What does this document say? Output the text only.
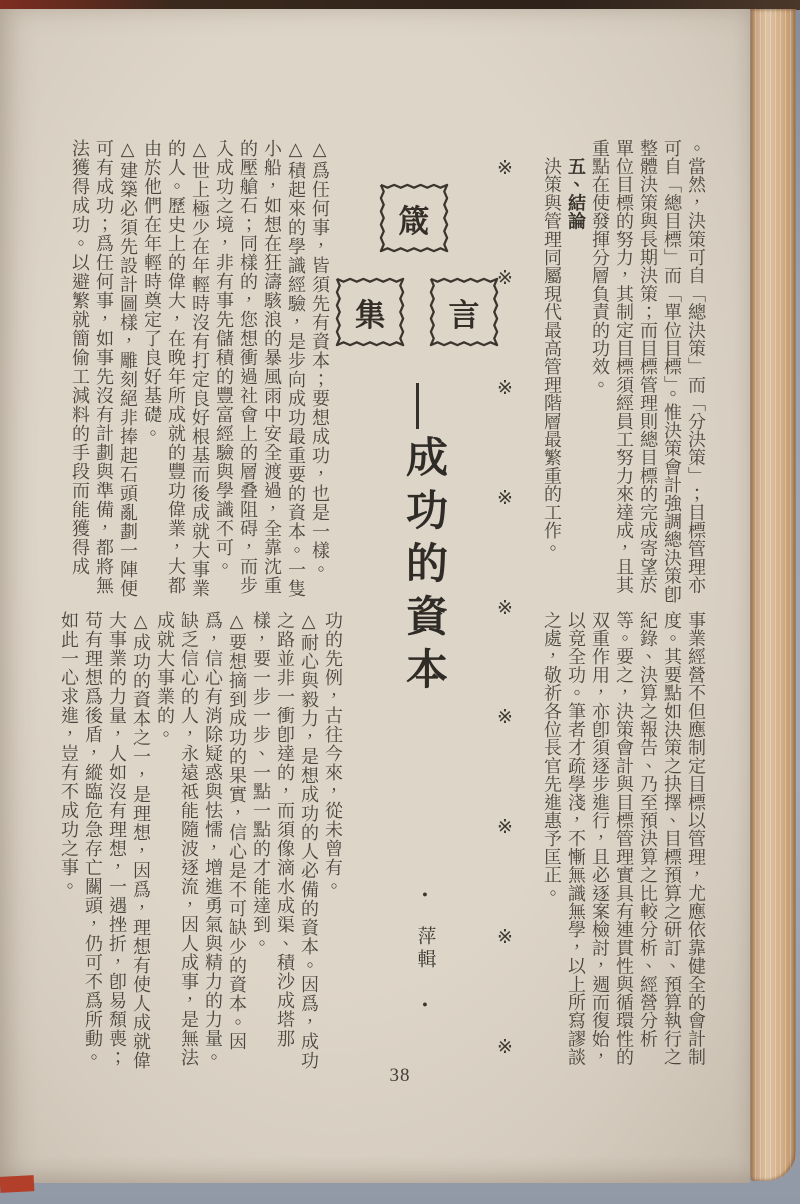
。當然，決策可自「總決策」而「分決策」；目標管理亦可自「總目標」而「單位目標」。惟決策會計強調總決策卽整體決策與長期決策；而目標管理則總目標的完成寄望於單位目標的努力，其制定目標須經員工努力來達成，且其重點在使發揮分層負責的功效。

　五、結論

　決策與管理同屬現代最高管理階層最繁重的工作。

事業經營不但應制定目標以管理，尤應依靠健全的會計制度。其要點如決策之抉擇、目標預算之研訂、預算執行之紀錄、決算之報告、乃至預決算之比較分析、經營分析等。要之，決策會計與目標管理實具有連貫性與循環性的双重作用，亦卽須逐步進行，且必逐案檢討，週而復始，以竟全功。筆者才疏學淺，不慚無識無學，以上所寫謬談之處，敬祈各位長官先進惠予匡正。

※
※
※
※
※
※
※
※
※
箴
言
集
成功的資本
●
萍輯
●

△爲任何事，皆須先有資本；要想成功，也是一樣。

△積起來的學識經驗，是步向成功最重要的資本。一隻小船，如想在狂濤駭浪的暴風雨中安全渡過，全靠沈重的壓艙石；同樣的，您想衝過社會上的層叠阻碍，而步入成功之境，非有事先儲積的豐富經驗與學識不可。

△世上極少在年輕時沒有打定良好根基而後成就大事業的人。歷史上的偉大，在晚年所成就的豐功偉業，大都由於他們在年輕時奠定了良好基礎。

△建築必須先設計圖樣，雕刻絕非捧起石頭亂劃一陣便可有成功；爲任何事，如事先沒有計劃與準備，都將無法獲得成功。以避繁就簡偷工減料的手段而能獲得成

功的先例，古往今來，從未曾有。

△耐心與毅力，是想成功的人必備的資本。因爲，成功之路並非一衝卽達的，而須像滴水成渠、積沙成塔那樣，要一步一步、一點一點的才能達到。

△要想摘到成功的果實，信心是不可缺少的資本。因爲，信心有消除疑惑與怯懦，增進勇氣與精力的力量。缺乏信心的人，永遠祗能隨波逐流，因人成事，是無法成就大事業的。

△成功的資本之一，是理想，因爲，理想有使人成就偉大事業的力量，人如沒有理想，一遇挫折，卽易頹喪；苟有理想爲後盾，縱臨危急存亡關頭，仍可不爲所動。如此一心求進，豈有不成功之事。

38
